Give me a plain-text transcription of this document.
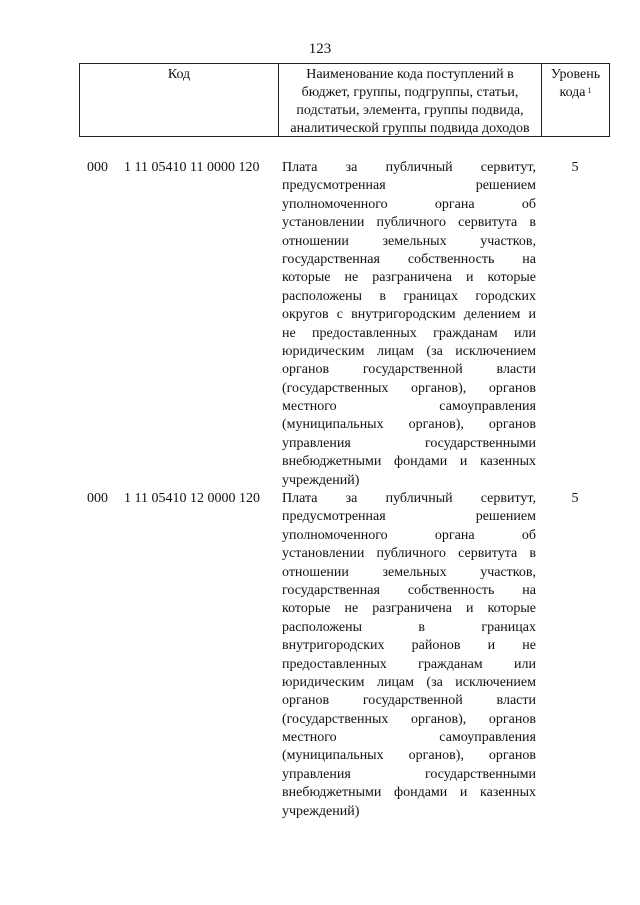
123
Код	Наименование кода поступлений в
бюджет, группы, подгруппы, статьи,
подстатьи, элемента, группы подвида,
аналитической группы подвида доходов
Уровень
кода $^1$
000 1 11 05410 11 0000 120 Плата за публичный сервитут,
предусмотренная решением
уполномоченного органа об
установлении публичного сервитута в
отношении земельных участков,
государственная собственность на
которые не разграничена и которые
расположены в границах городских
округов с внутригородским делением и
не предоставленных гражданам или
юридическим лицам (за исключением
органов государственной власти
(государственных органов), органов
местного самоуправления
(муниципальных органов), органов
управления государственными
внебюджетными фондами и казенных
учреждений)
5
000 1 11 05410 12 0000 120 Плата за публичный сервитут,
предусмотренная решением
уполномоченного органа об
установлении публичного сервитута в
отношении земельных участков,
государственная собственность на
которые не разграничена и которые
расположены в границах
внутригородских районов и не
предоставленных гражданам или
юридическим лицам (за исключением
органов государственной власти
(государственных органов), органов
местного самоуправления
(муниципальных органов), органов
управления государственными
внебюджетными фондами и казенных
учреждений)
5
